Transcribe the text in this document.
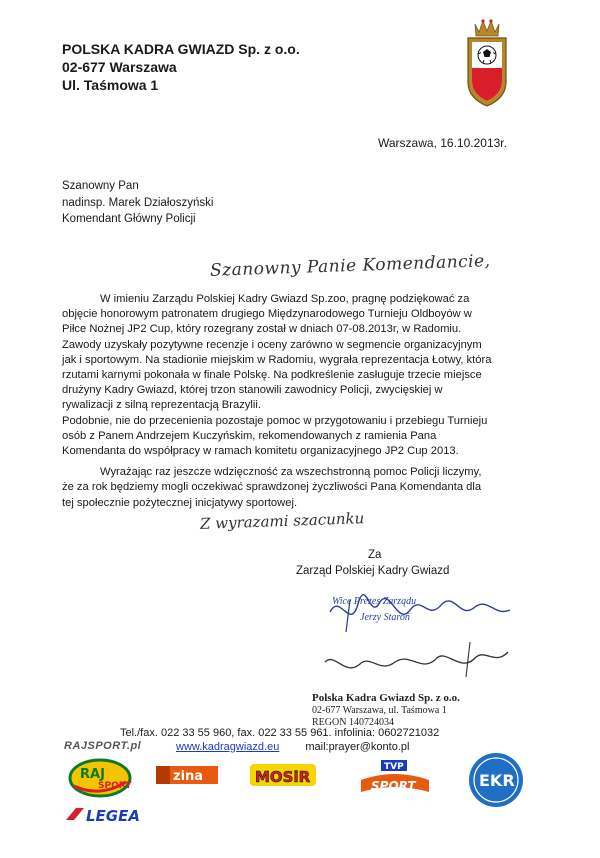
POLSKA KADRA GWIAZD Sp. z o.o.
02-677 Warszawa
Ul. Taśmowa 1
Warszawa, 16.10.2013r.
Szanowny Pan
nadinsp. Marek Działoszyński
Komendant Główny Policji
Szanowny Panie Komendancie,

W imieniu Zarządu Polskiej Kadry Gwiazd Sp.zoo, pragnę podziękować za objęcie honorowym patronatem drugiego Międzynarodowego Turnieju Oldboyów w Piłce Nożnej JP2 Cup, który rozegrany został w dniach 07-08.2013r, w Radomiu. Zawody uzyskały pozytywne recenzje i oceny zarówno w segmencie organizacyjnym jak i sportowym. Na stadionie miejskim w Radomiu, wygrała reprezentacja Łotwy, która rzutami karnymi pokonała w finale Polskę. Na podkreślenie zasługuje trzecie miejsce drużyny Kadry Gwiazd, której trzon stanowili zawodnicy Policji, zwycięskiej w rywalizacji z silną reprezentacją Brazylii.

Podobnie, nie do przecenienia pozostaje pomoc w przygotowaniu i przebiegu Turnieju osób z Panem Andrzejem Kuczyńskim, rekomendowanych z ramienia Pana Komendanta do współpracy w ramach komitetu organizacyjnego JP2 Cup 2013.

Wyrażając raz jeszcze wdzięczność za wszechstronną pomoc Policji liczymy, że za rok będziemy mogli oczekiwać sprawdzonej życzliwości Pana Komendanta dla tej społecznie pożytecznej inicjatywy sportowej.

Z wyrazami szacunku
Za
Zarząd Polskiej Kadry Gwiazd
Wice Prezes Zarządu
Jerzy Staroń
Polska Kadra Gwiazd Sp. z o.o.
02-677 Warszawa, ul. Taśmowa 1
REGON 140724034
Tel./fax. 022 33 55 960, fax. 022 33 55 961. infolinia: 0602721032
www.kadragwiazd.eu mail:prayer@konto.pl
RAJSPORT.pl
RAJ
SPORT
zina	MOSiR
TVP
SPORT	EKR
LEGEA
